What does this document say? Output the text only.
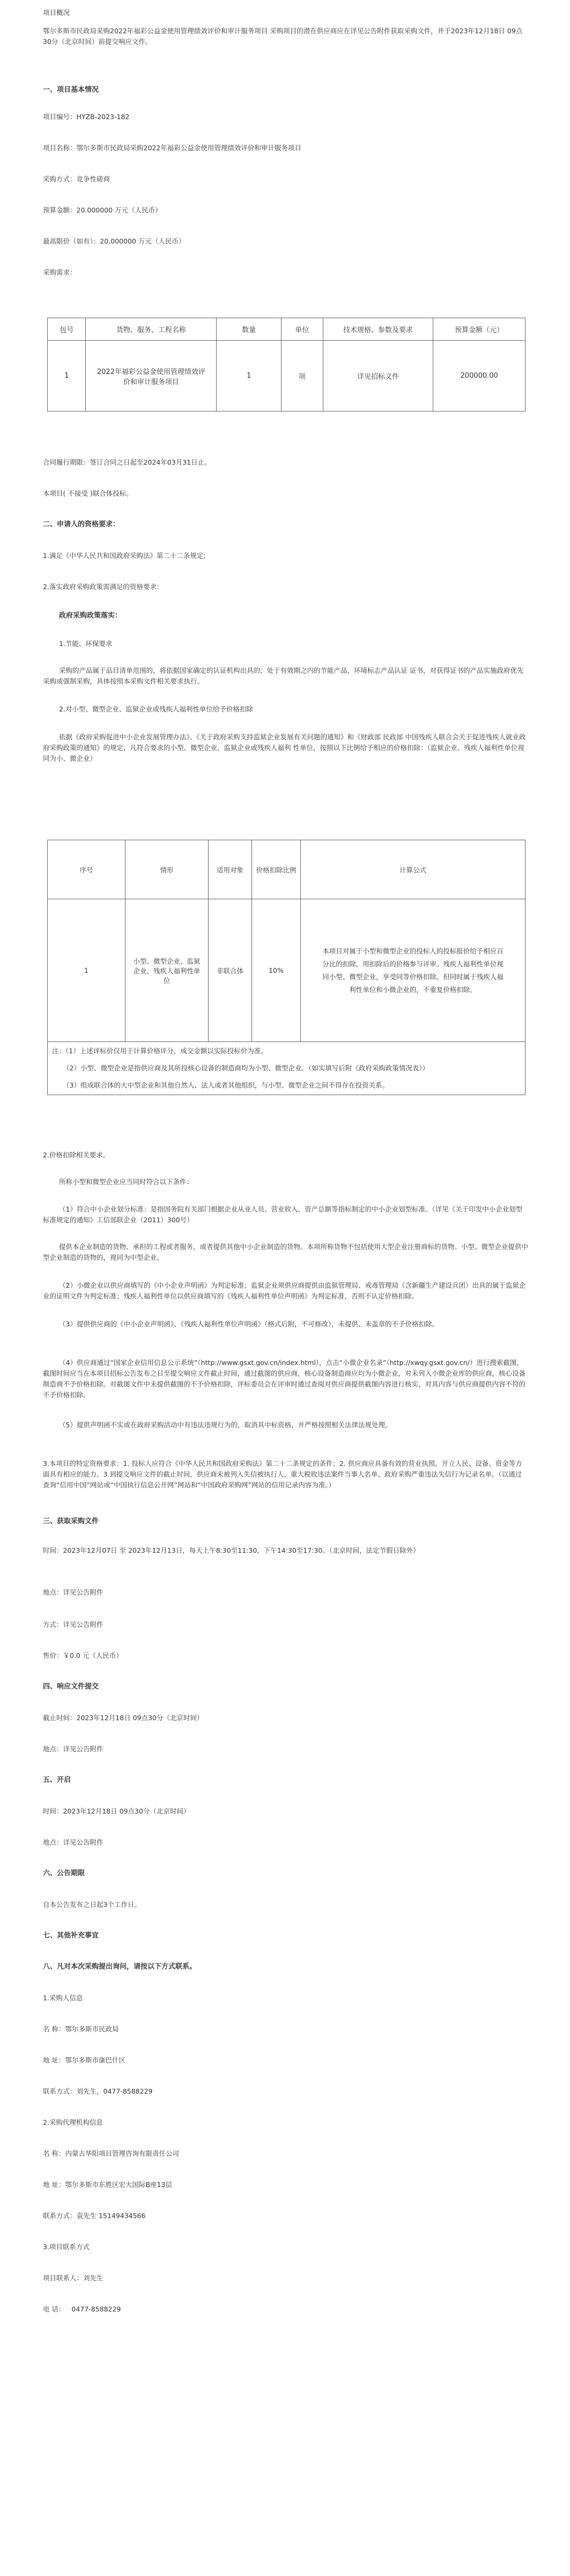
项目概况
鄂尔多斯市民政局采购2022年福彩公益金使用管理绩效评价和审计服务项目 采购项目的潜在供应商应在详见公告附件获取采购文件，并于2023年12月18日 09点30分（北京时间）前提交响应文件。
一、项目基本情况
项目编号：HYZB-2023-182
项目名称：鄂尔多斯市民政局采购2022年福彩公益金使用管理绩效评价和审计服务项目
采购方式：竞争性磋商
预算金额：20.000000 万元（人民币）
最高限价（如有）：20.000000 万元（人民币）
采购需求：
包号	货物、服务、工程名称	数量	单位	技术规格、参数及要求	预算金额（元）
1	2022年福彩公益金使用管理绩效评价和审计服务项目	1	项	详见招标文件	200000.00
合同履行期限：签订合同之日起至2024年03月31日止。
本项目( 不接受 )联合体投标。
二、申请人的资格要求：
1.满足《中华人民共和国政府采购法》第二十二条规定;
2.落实政府采购政策需满足的资格要求：
政府采购政策落实：
1.节能、环保要求
采购的产品属于品目清单范围的，将依据国家确定的认证机构出具的、处于有效期之内的节能产品、环境标志产品认证 证书，对获得证书的产品实施政府优先采购或强制采购，具体按照本采购文件相关要求执行。
2.对小型、微型企业、监狱企业或残疾人福利性单位给予价格扣除
依据《政府采购促进中小企业发展管理办法》、《关于政府采购支持监狱企业发展有关问题的通知》和《财政部 民政部 中国残疾人联合会关于促进残疾人就业政府采购政策的通知》的规定，凡符合要求的小型、微型企业、监狱企业或残疾人福利 性单位，按照以下比例给予相应的价格扣除：（监狱企业、残疾人福利性单位视同为小、微企业）
序号	情形	适用对象	价格扣除比例	计算公式
1	小型、微型企业，监狱企业，残疾人福利性单位	非联合体	10%	本项目对属于小型和微型企业的投标人的投标报价给予相应百分比的扣除，用扣除后的价格参与评审。残疾人福利性单位视同小型、微型企业，享受同等价格扣除。但同时属于残疾人福利性单位和小微企业的，不重复价格扣除。

注：（1）上述评标价仅用于计算价格评分，成交金额以实际投标价为准。
（2）小型、微型企业是指供应商及其所投核心设备的制造商均为小型、微型企业。（如实填写后附《政府采购政策情况表》）
（3）组成联合体的大中型企业和其他自然人、法人或者其他组织，与小型、微型企业之间不得存在投资关系。				
2.价格扣除相关要求。
所称小型和微型企业应当同时符合以下条件：
（1）符合中小企业划分标准：是指国务院有关部门根据企业从业人员、营业收入、资产总额等指标制定的中小企业划型标准。（详见《关于印发中小企业划型标准规定的通知》工信部联企业（2011）300号）
提供本企业制造的货物、承担的工程或者服务，或者提供其他中小企业制造的货物。本项所称货物不包括使用大型企业注册商标的货物。小型、微型企业提供中型企业制造的货物的，视同为中型企业。
（2）小微企业以供应商填写的《中小企业声明函》为判定标准；监狱企业须供应商提供由监狱管理局、戒毒管理局（含新疆生产建设兵团）出具的属于监狱企业的证明文件为判定标准；残疾人福利性单位以供应商填写的《残疾人福利性单位声明函》为判定标准，否则不认定价格扣除。
（3）提供供应商的《中小企业声明函》、《残疾人福利性单位声明函》（格式后附，不可修改），未提供、未盖章的不予价格扣除。
（4）供应商通过“国家企业信用信息公示系统”（http://www.gsxt.gov.cn/index.html），点击“小微企业名录”（http://xwqy.gsxt.gov.cn/）进行搜索截图，截图时间应当在本项目招标公告发布之日至提交响应文件截止时间，通过截图的供应商，核心设备制造商应均为小微企业，对未列入小微企业库的供应商，核心设备制造商不予价格扣除。对截图文件中未提供截图的不予价格扣除，评标委员会在评审时通过查阅对供应商提供截图内容进行核实，对其内容与供应商提供内容不符的不予价格扣除。
（5）提供声明函不实或在政府采购活动中有违法违规行为的，取消其中标资格，并严格按照相关法律法规处理。
3.本项目的特定资格要求：1. 投标人应符合《中华人民共和国政府采购法》第二十二条规定的条件；2. 供应商应具备有效的营业执照。开立人民、设备、资金等方面具有相应的能力。3.到提交响应文件的截止时间，供应商未被列入失信被执行人、重大税收违法案件当事人名单、政府采购严重违法失信行为记录名单。（以通过查询“信用中国”网站或“中国执行信息公开网”网站和“中国政府采购网”网站的信用记录内容为准。）
三、获取采购文件
时间：2023年12月07日 至 2023年12月13日，每天上午8:30至11:30，下午14:30至17:30。（北京时间，法定节假日除外）
地点：详见公告附件
方式：详见公告附件
售价：￥0.0 元（人民币）
四、响应文件提交
截止时间：2023年12月18日 09点30分（北京时间）
地点：详见公告附件
五、开启
时间：2023年12月18日 09点30分（北京时间）
地点：详见公告附件
六、公告期限
自本公告发布之日起3个工作日。
七、其他补充事宜
八、凡对本次采购提出询问，请按以下方式联系。
1.采购人信息
名 称：鄂尔多斯市民政局
地 址：鄂尔多斯市康巴什区
联系方式：刘先生，0477-8588229
2.采购代理机构信息
名 称：内蒙古华阳项目管理咨询有限责任公司
地 址：鄂尔多斯市东胜区宏大国际B座13层
联系方式：袁先生 15149434566
3.项目联系方式
项目联系人：刘先生
电 话：   0477-8588229
